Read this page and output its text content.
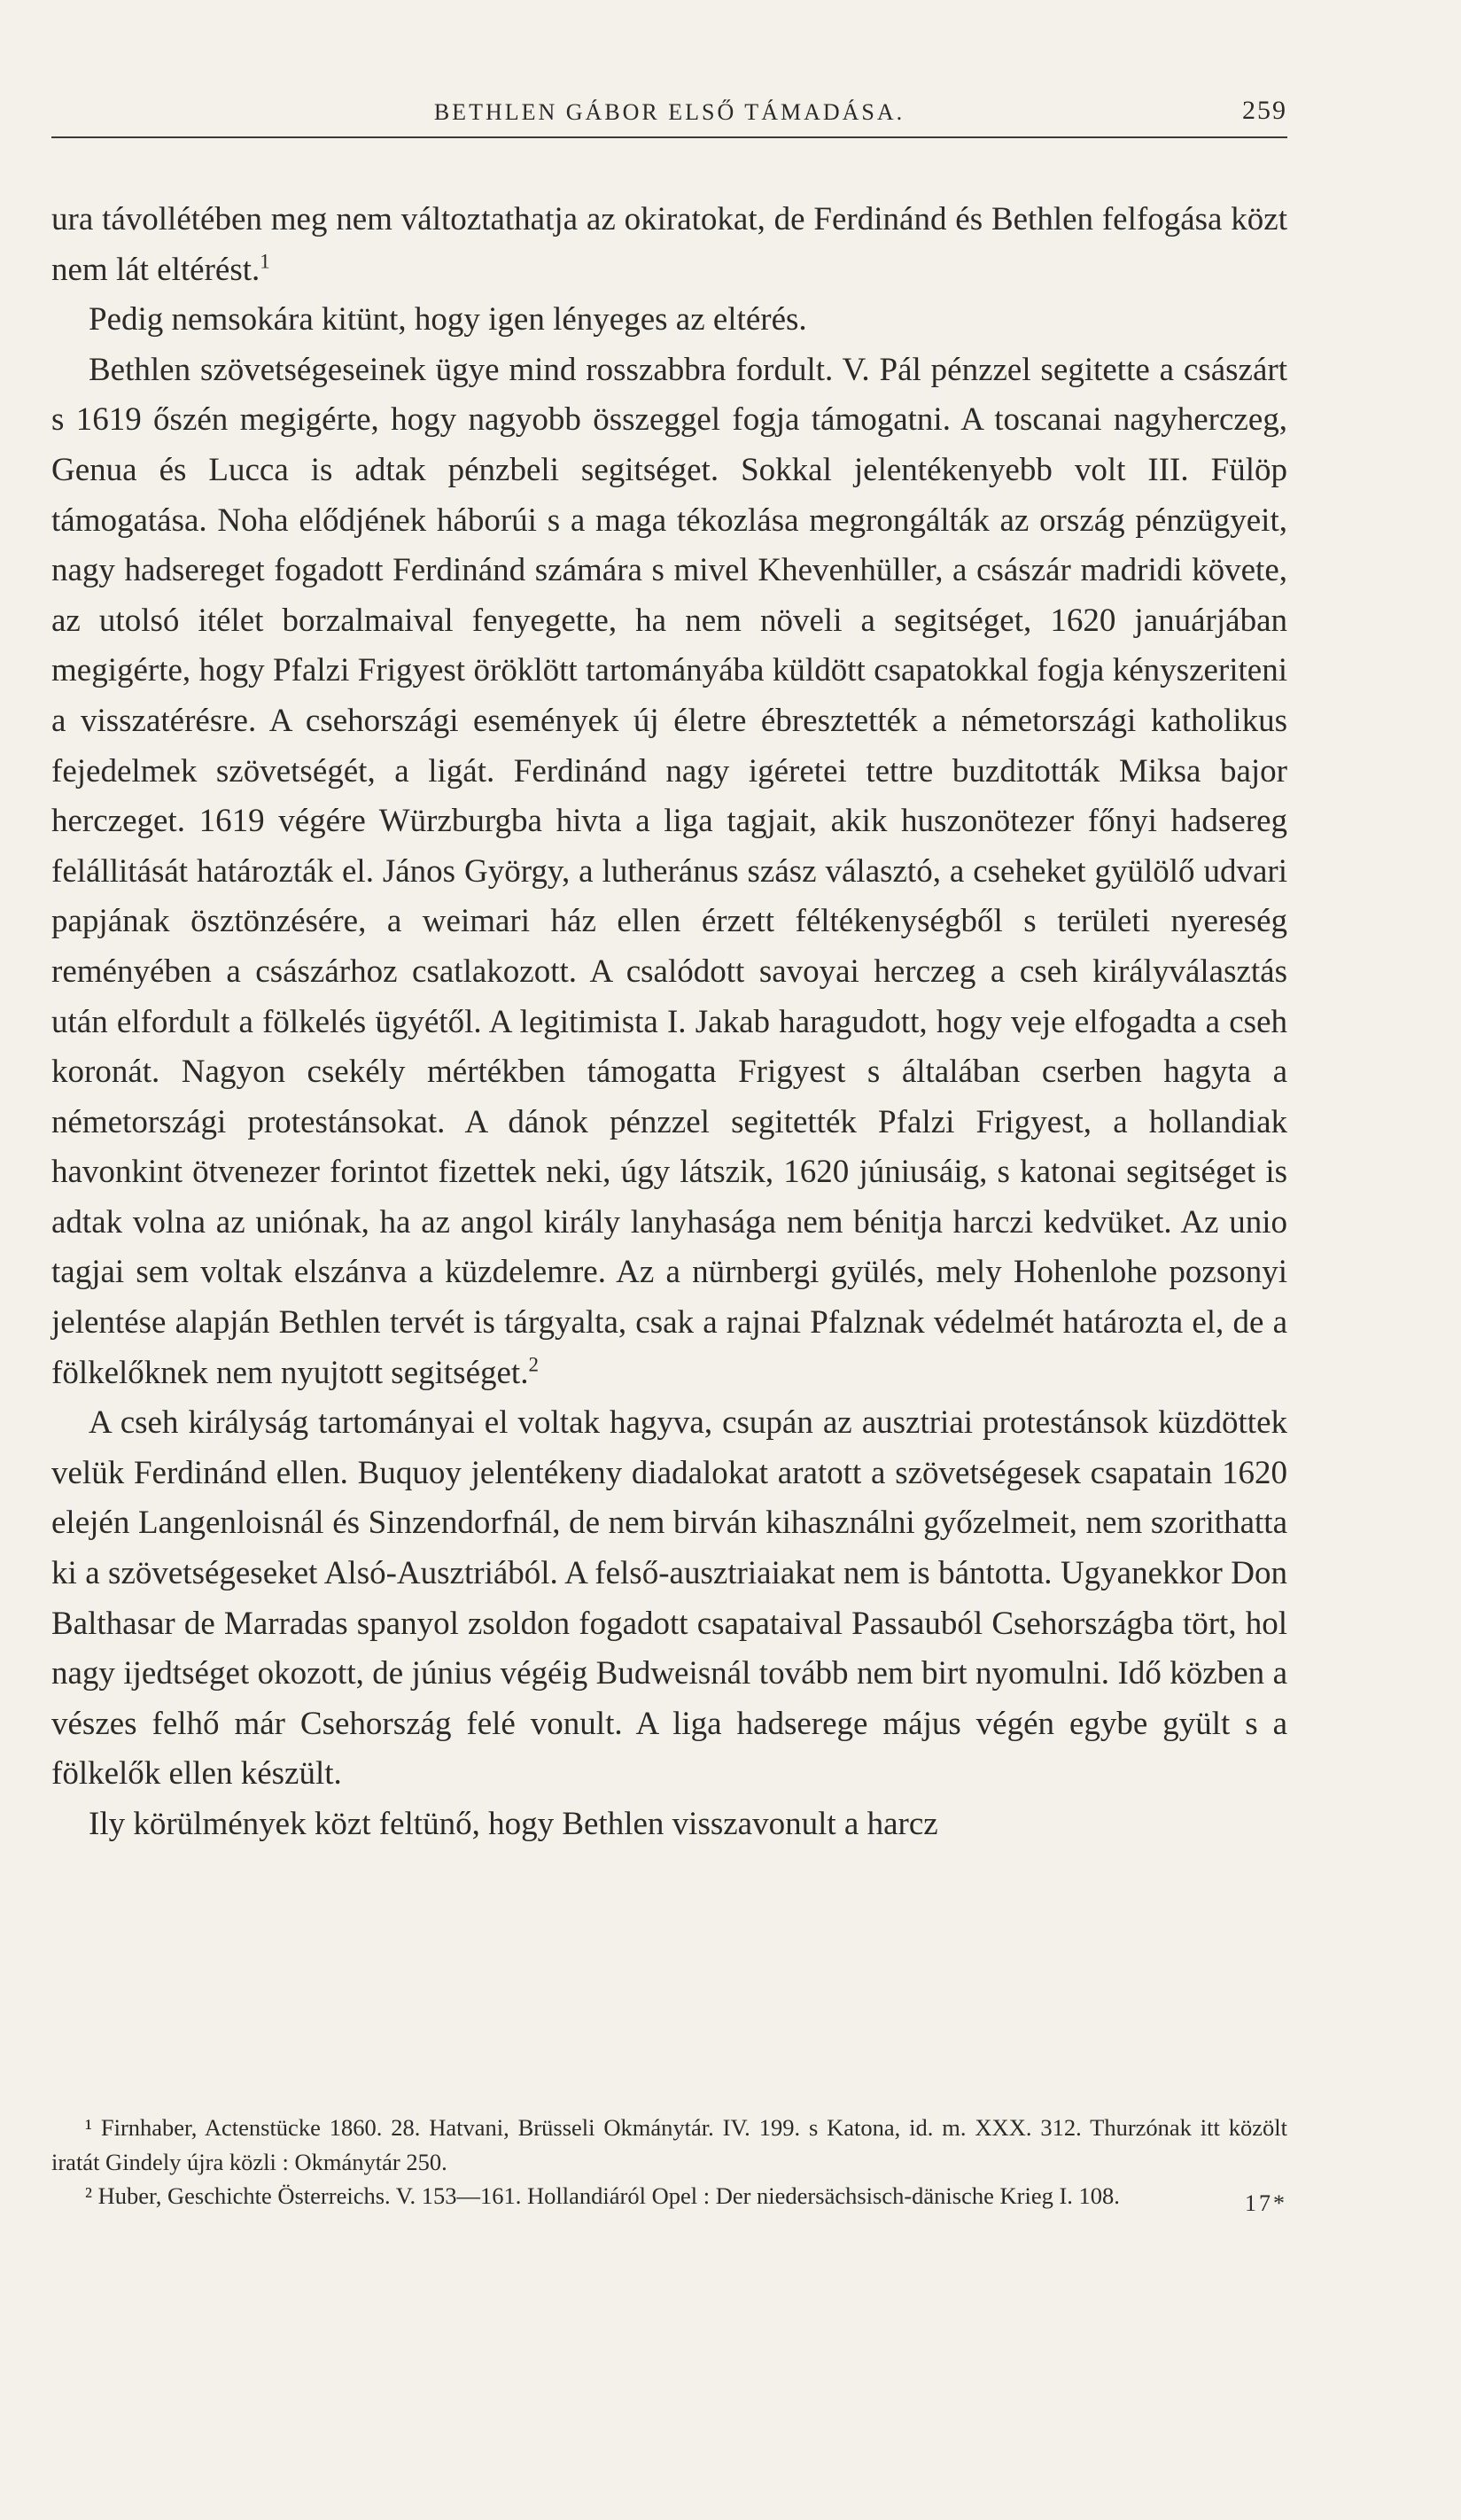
BETHLEN GÁBOR ELSŐ TÁMADÁSA.	259

ura távollétében meg nem változtathatja az okiratokat, de Ferdinánd és Bethlen felfogása közt nem lát eltérést.$^1$

Pedig nemsokára kitünt, hogy igen lényeges az eltérés.

Bethlen szövetségeseinek ügye mind rosszabbra fordult. V. Pál pénzzel segitette a császárt s 1619 őszén megigérte, hogy nagyobb összeggel fogja támogatni. A toscanai nagyherczeg, Genua és Lucca is adtak pénzbeli segitséget. Sokkal jelentékenyebb volt III. Fülöp támogatása. Noha elődjének háborúi s a maga tékozlása megrongálták az ország pénzügyeit, nagy hadsereget fogadott Ferdinánd számára s mivel Khevenhüller, a császár madridi követe, az utolsó itélet borzalmaival fenyegette, ha nem növeli a segitséget, 1620 januárjában megigérte, hogy Pfalzi Frigyest öröklött tartományába küldött csapatokkal fogja kényszeriteni a visszatérésre. A csehországi események új életre ébresztették a németországi katholikus fejedelmek szövetségét, a ligát. Ferdinánd nagy igéretei tettre buzditották Miksa bajor herczeget. 1619 végére Würzburgba hivta a liga tagjait, akik huszonötezer főnyi hadsereg felállitását határozták el. János György, a lutheránus szász választó, a cseheket gyülölő udvari papjának ösztönzésére, a weimari ház ellen érzett féltékenységből s területi nyereség reményében a császárhoz csatlakozott. A csalódott savoyai herczeg a cseh királyválasztás után elfordult a fölkelés ügyétől. A legitimista I. Jakab haragudott, hogy veje elfogadta a cseh koronát. Nagyon csekély mértékben támogatta Frigyest s általában cserben hagyta a németországi protestánsokat. A dánok pénzzel segitették Pfalzi Frigyest, a hollandiak havonkint ötvenezer forintot fizettek neki, úgy látszik, 1620 júniusáig, s katonai segitséget is adtak volna az uniónak, ha az angol király lanyhasága nem bénitja harczi kedvüket. Az unio tagjai sem voltak elszánva a küzdelemre. Az a nürnbergi gyülés, mely Hohenlohe pozsonyi jelentése alapján Bethlen tervét is tárgyalta, csak a rajnai Pfalznak védelmét határozta el, de a fölkelőknek nem nyujtott segitséget.$^2$

A cseh királyság tartományai el voltak hagyva, csupán az ausztriai protestánsok küzdöttek velük Ferdinánd ellen. Buquoy jelentékeny diadalokat aratott a szövetségesek csapatain 1620 elején Langenloisnál és Sinzendorfnál, de nem birván kihasználni győzelmeit, nem szorithatta ki a szövetségeseket Alsó-Ausztriából. A felső-ausztriaiakat nem is bántotta. Ugyanekkor Don Balthasar de Marradas spanyol zsoldon fogadott csapataival Passauból Csehországba tört, hol nagy ijedtséget okozott, de június végéig Budweisnál tovább nem birt nyomulni. Idő közben a vészes felhő már Csehország felé vonult. A liga hadserege május végén egybe gyült s a fölkelők ellen készült.

Ily körülmények közt feltünő, hogy Bethlen visszavonult a harcz

¹ Firnhaber, Actenstücke 1860. 28. Hatvani, Brüsseli Okmánytár. IV. 199. s Katona, id. m. XXX. 312. Thurzónak itt közölt iratát Gindely újra közli : Okmánytár 250.

² Huber, Geschichte Österreichs. V. 153—161. Hollandiáról Opel : Der niedersächsisch-dänische Krieg I. 108.	17*
